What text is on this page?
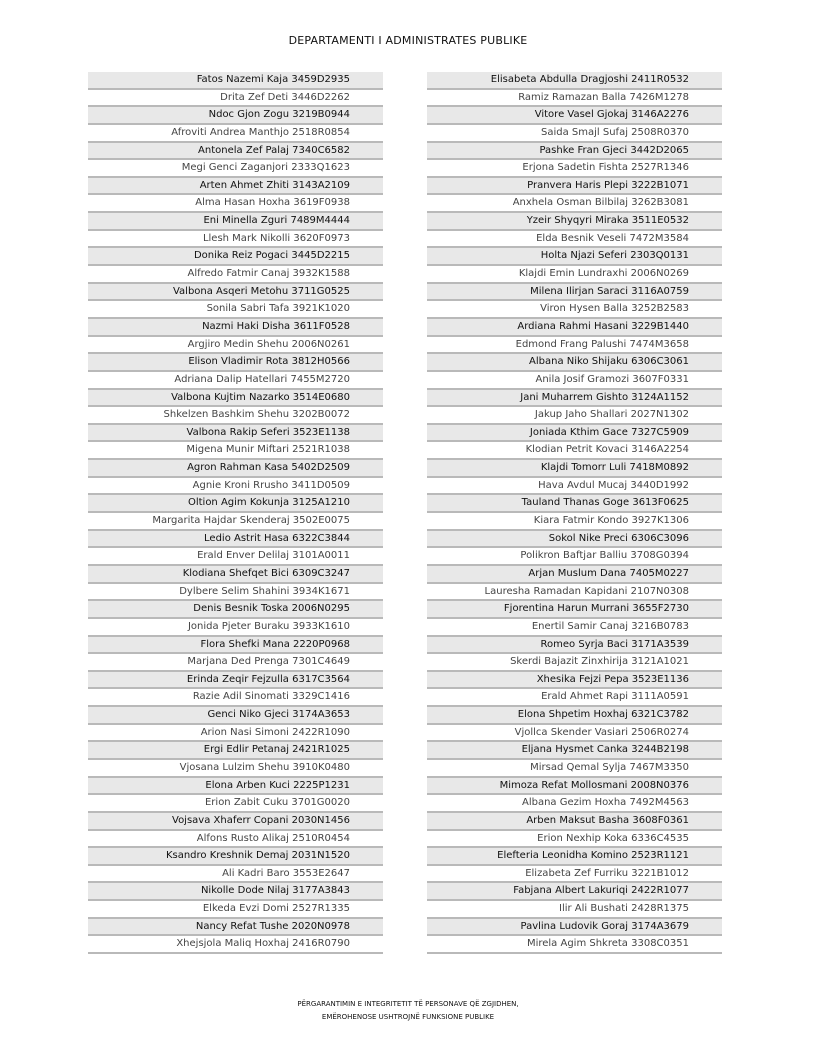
DEPARTAMENTI I ADMINISTRATES PUBLIKE
Fatos Nazemi Kaja 3459D2935
Drita Zef Deti 3446D2262
Ndoc Gjon Zogu 3219B0944
Afroviti Andrea Manthjo 2518R0854
Antonela Zef Palaj 7340C6582
Megi Genci Zaganjori 2333Q1623
Arten Ahmet Zhiti 3143A2109
Alma Hasan Hoxha 3619F0938
Eni Minella Zguri 7489M4444
Llesh Mark Nikolli 3620F0973
Donika Reiz Pogaci 3445D2215
Alfredo Fatmir Canaj 3932K1588
Valbona Asqeri Metohu 3711G0525
Sonila Sabri Tafa 3921K1020
Nazmi Haki Disha 3611F0528
Argjiro Medin Shehu 2006N0261
Elison Vladimir Rota 3812H0566
Adriana Dalip Hatellari 7455M2720
Valbona Kujtim Nazarko 3514E0680
Shkelzen Bashkim Shehu 3202B0072
Valbona Rakip Seferi 3523E1138
Migena Munir Miftari 2521R1038
Agron Rahman Kasa 5402D2509
Agnie Kroni Rrusho 3411D0509
Oltion Agim Kokunja 3125A1210
Margarita Hajdar Skenderaj 3502E0075
Ledio Astrit Hasa 6322C3844
Erald Enver Delilaj 3101A0011
Klodiana Shefqet Bici 6309C3247
Dylbere Selim Shahini 3934K1671
Denis Besnik Toska 2006N0295
Jonida Pjeter Buraku 3933K1610
Flora Shefki Mana 2220P0968
Marjana Ded Prenga 7301C4649
Erinda Zeqir Fejzulla 6317C3564
Razie Adil Sinomati 3329C1416
Genci Niko Gjeci 3174A3653
Arion Nasi Simoni 2422R1090
Ergi Edlir Petanaj 2421R1025
Vjosana Lulzim Shehu 3910K0480
Elona Arben Kuci 2225P1231
Erion Zabit Cuku 3701G0020
Vojsava Xhaferr Copani 2030N1456
Alfons Rusto Alikaj 2510R0454
Ksandro Kreshnik Demaj 2031N1520
Ali Kadri Baro 3553E2647
Nikolle Dode Nilaj 3177A3843
Elkeda Evzi Domi 2527R1335
Nancy Refat Tushe 2020N0978
Xhejsjola Maliq Hoxhaj 2416R0790
Elisabeta Abdulla Dragjoshi 2411R0532
Ramiz Ramazan Balla 7426M1278
Vitore Vasel Gjokaj 3146A2276
Saida Smajl Sufaj 2508R0370
Pashke Fran Gjeci 3442D2065
Erjona Sadetin Fishta 2527R1346
Pranvera Haris Plepi 3222B1071
Anxhela Osman Bilbilaj 3262B3081
Yzeir Shyqyri Miraka 3511E0532
Elda Besnik Veseli 7472M3584
Holta Njazi Seferi 2303Q0131
Klajdi Emin Lundraxhi 2006N0269
Milena Ilirjan Saraci 3116A0759
Viron Hysen Balla 3252B2583
Ardiana Rahmi Hasani 3229B1440
Edmond Frang Palushi 7474M3658
Albana Niko Shijaku 6306C3061
Anila Josif Gramozi 3607F0331
Jani Muharrem Gishto 3124A1152
Jakup Jaho Shallari 2027N1302
Joniada Kthim Gace 7327C5909
Klodian Petrit Kovaci 3146A2254
Klajdi Tomorr Luli 7418M0892
Hava Avdul Mucaj 3440D1992
Tauland Thanas Goge 3613F0625
Kiara Fatmir Kondo 3927K1306
Sokol Nike Preci 6306C3096
Polikron Baftjar Balliu 3708G0394
Arjan Muslum Dana 7405M0227
Lauresha Ramadan Kapidani 2107N0308
Fjorentina Harun Murrani 3655F2730
Enertil Samir Canaj 3216B0783
Romeo Syrja Baci 3171A3539
Skerdi Bajazit Zinxhirija 3121A1021
Xhesika Fejzi Pepa 3523E1136
Erald Ahmet Rapi 3111A0591
Elona Shpetim Hoxhaj 6321C3782
Vjollca Skender Vasiari 2506R0274
Eljana Hysmet Canka 3244B2198
Mirsad Qemal Sylja 7467M3350
Mimoza Refat Mollosmani 2008N0376
Albana Gezim Hoxha 7492M4563
Arben Maksut Basha 3608F0361
Erion Nexhip Koka 6336C4535
Elefteria Leonidha Komino 2523R1121
Elizabeta Zef Furriku 3221B1012
Fabjana Albert Lakuriqi 2422R1077
Ilir Ali Bushati 2428R1375
Pavlina Ludovik Goraj 3174A3679
Mirela Agim Shkreta 3308C0351
PËRGARANTIMIN E INTEGRITETIT TË PERSONAVE QË ZGJIDHEN,
EMËROHENOSE USHTROJNË FUNKSIONE PUBLIKE
